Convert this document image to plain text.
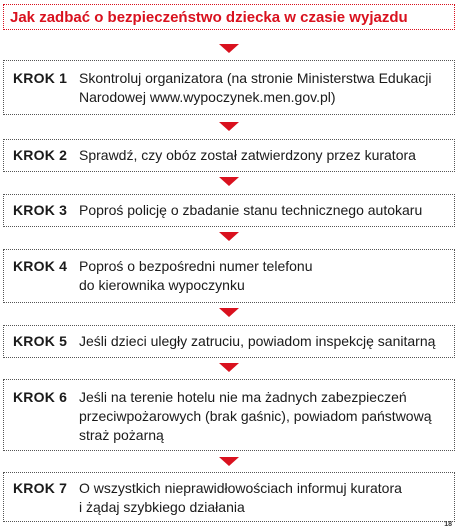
Jak zadbać o bezpieczeństwo dziecka w czasie wyjazdu
KROK 1 Skontroluj organizatora (na stronie Ministerstwa Edukacji
Narodowej www.wypoczynek.men.gov.pl)
KROK 2 Sprawdź, czy obóz został zatwierdzony przez kuratora
KROK 3 Poproś policję o zbadanie stanu technicznego autokaru
KROK 4 Poproś o bezpośredni numer telefonu
do kierownika wypoczynku
KROK 5 Jeśli dzieci uległy zatruciu, powiadom inspekcję sanitarną
KROK 6 Jeśli na terenie hotelu nie ma żadnych zabezpieczeń
przeciwpożarowych (brak gaśnic), powiadom państwową
straż pożarną
KROK 7 O wszystkich nieprawidłowościach informuj kuratora
i żądaj szybkiego działania
18
